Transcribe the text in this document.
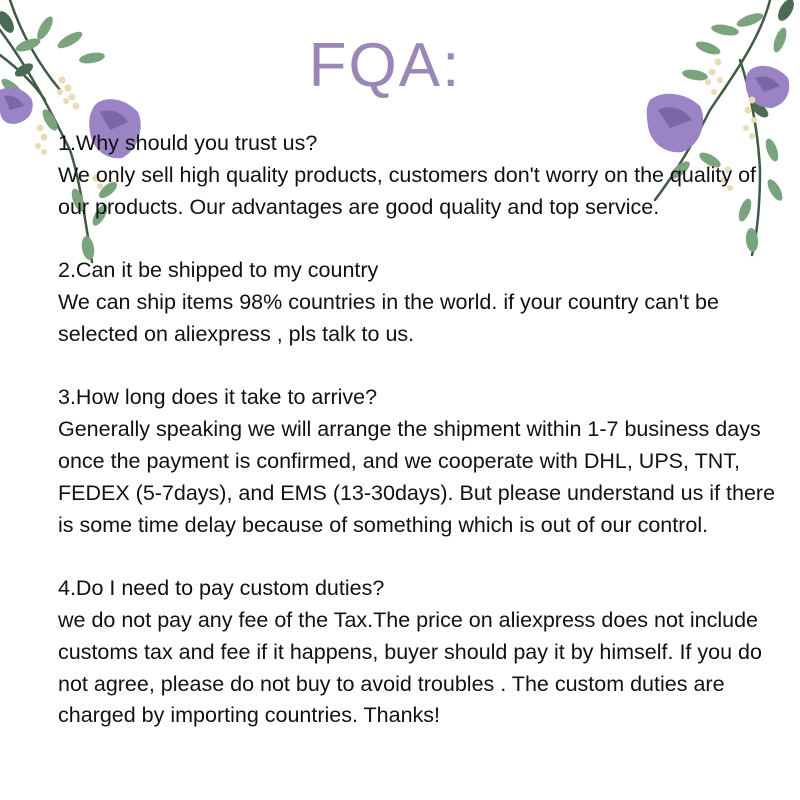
FQA:

1.Why should you trust us?

We only sell high quality products, customers don't worry on the quality of our products. Our advantages are good quality and top service.

2.Can it be shipped to my country

We can ship items 98% countries in the world. if your country can't be selected on aliexpress , pls talk to us.

3.How long does it take to arrive?

Generally speaking we will arrange the shipment within 1-7 business days once the payment is confirmed, and we cooperate with DHL, UPS, TNT, FEDEX (5-7days), and EMS (13-30days). But please understand us if there is some time delay because of something which is out of our control.

4.Do I need to pay custom duties?

we do not pay any fee of the Tax.The price on aliexpress does not include customs tax and fee if it happens, buyer should pay it by himself. If you do not agree, please do not buy to avoid troubles . The custom duties are charged by importing countries. Thanks!
